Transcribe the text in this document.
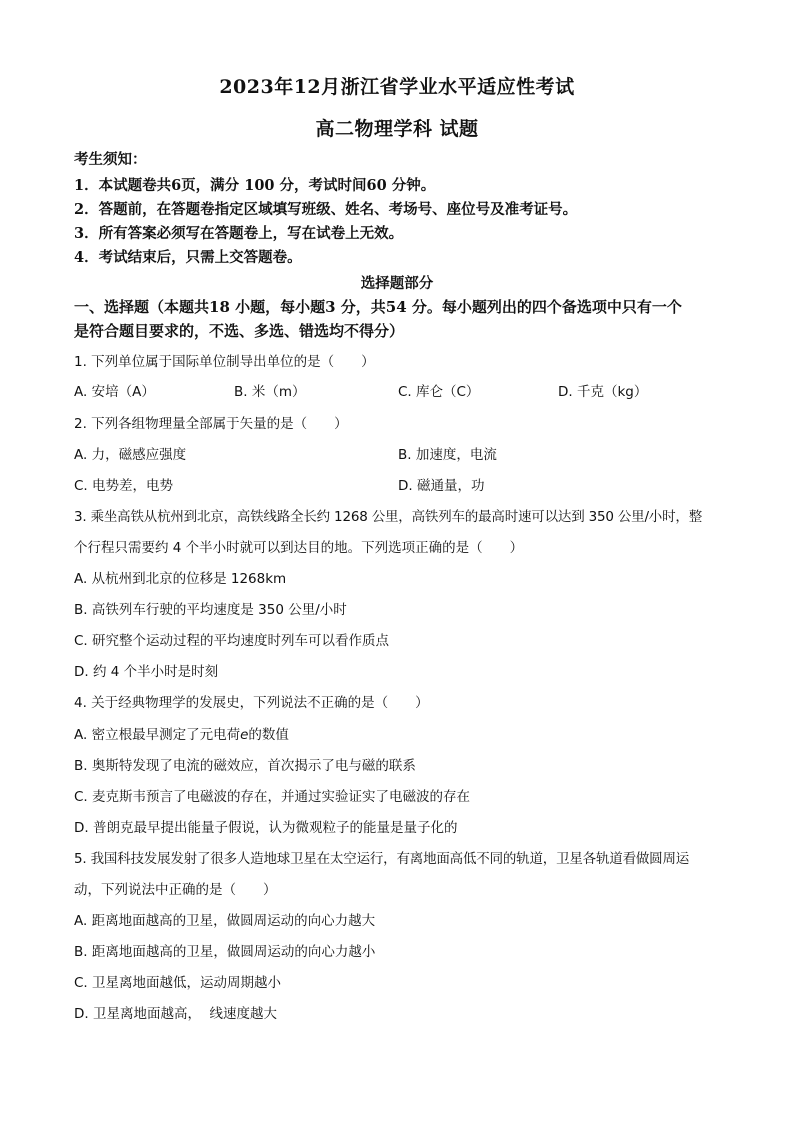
2023年12月浙江省学业水平适应性考试
高二物理学科 试题
考生须知：
1．本试题卷共6页，满分 100 分，考试时间60 分钟。
2．答题前，在答题卷指定区域填写班级、姓名、考场号、座位号及准考证号。
3．所有答案必须写在答题卷上，写在试卷上无效。
4．考试结束后，只需上交答题卷。
选择题部分
一、选择题（本题共18 小题，每小题3 分，共54 分。每小题列出的四个备选项中只有一个
是符合题目要求的，不选、多选、错选均不得分）
1. 下列单位属于国际单位制导出单位的是（　　）
A. 安培（A）	B. 米（m）	C. 库仑（C）	D. 千克（kg）
2. 下列各组物理量全部属于矢量的是（　　）
A. 力，磁感应强度	B. 加速度，电流
C. 电势差，电势	D. 磁通量，功
3. 乘坐高铁从杭州到北京，高铁线路全长约 1268 公里，高铁列车的最高时速可以达到 350 公里/小时，整
个行程只需要约 4 个半小时就可以到达目的地。下列选项正确的是（　　）
A. 从杭州到北京的位移是 1268km
B. 高铁列车行驶的平均速度是 350 公里/小时
C. 研究整个运动过程的平均速度时列车可以看作质点
D. 约 4 个半小时是时刻
4. 关于经典物理学的发展史，下列说法不正确的是（　　）
A. 密立根最早测定了元电荷e的数值
B. 奥斯特发现了电流的磁效应，首次揭示了电与磁的联系
C. 麦克斯韦预言了电磁波的存在，并通过实验证实了电磁波的存在
D. 普朗克最早提出能量子假说，认为微观粒子的能量是量子化的
5. 我国科技发展发射了很多人造地球卫星在太空运行，有离地面高低不同的轨道，卫星各轨道看做圆周运
动，下列说法中正确的是（　　）
A. 距离地面越高的卫星，做圆周运动的向心力越大
B. 距离地面越高的卫星，做圆周运动的向心力越小
C. 卫星离地面越低，运动周期越小
D. 卫星离地面越高，  线速度越大
